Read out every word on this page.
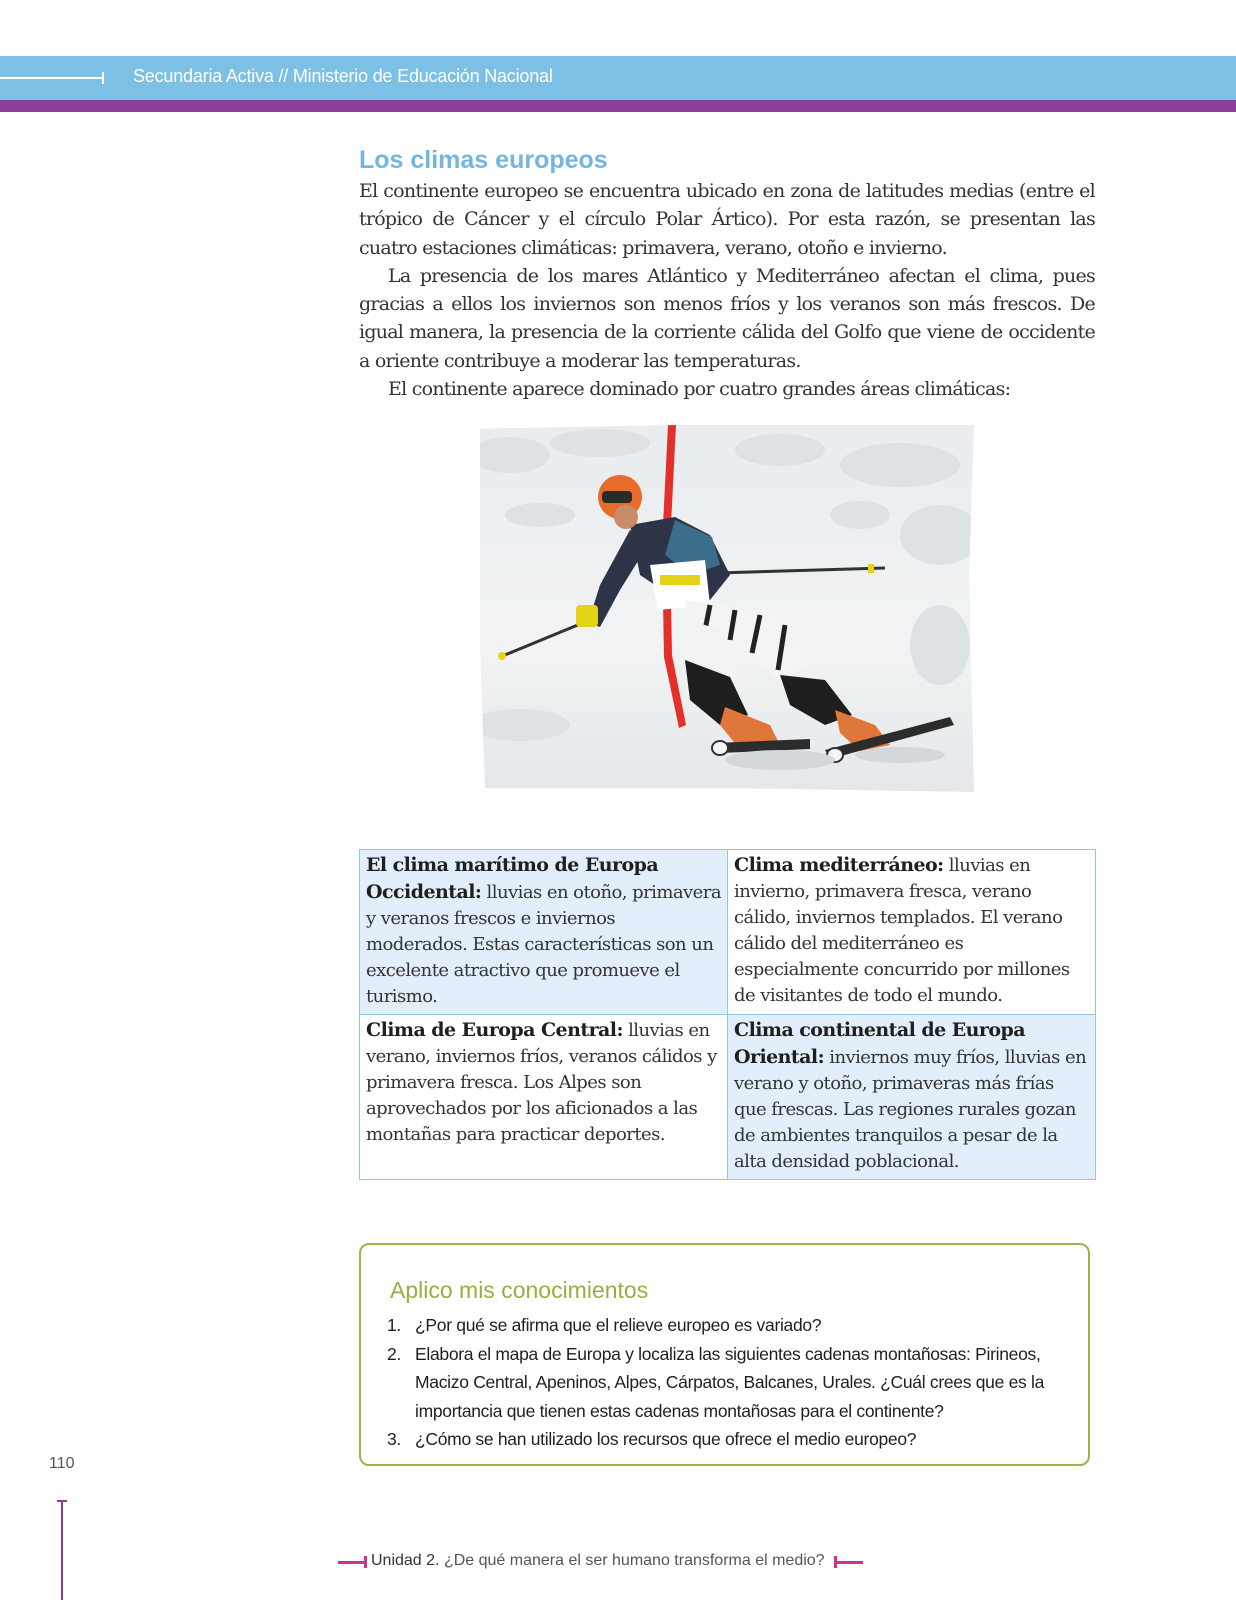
Secundaria Activa // Ministerio de Educación Nacional
Los climas europeos

El continente europeo se encuentra ubicado en zona de latitudes medias (entre el trópico de Cáncer y el círculo Polar Ártico). Por esta razón, se presentan las cuatro estaciones climáticas: primavera, verano, otoño e invierno.

La presencia de los mares Atlántico y Mediterráneo afectan el clima, pues gracias a ellos los inviernos son menos fríos y los veranos son más frescos. De igual manera, la presencia de la corriente cálida del Golfo que viene de occidente a oriente contribuye a moderar las temperaturas.

El continente aparece dominado por cuatro grandes áreas climáticas:

El clima marítimo de Europa Occidental: lluvias en otoño, primavera y veranos frescos e inviernos moderados. Estas características son un excelente atractivo que promueve el turismo.	Clima mediterráneo: lluvias en invierno, primavera fresca, verano cálido, inviernos templados. El verano cálido del mediterráneo es especialmente concurrido por millones de visitantes de todo el mundo.
Clima de Europa Central: lluvias en verano, inviernos fríos, veranos cálidos y primavera fresca. Los Alpes son aprovechados por los aficionados a las montañas para practicar deportes.	Clima continental de Europa Oriental: inviernos muy fríos, lluvias en verano y otoño, primaveras más frías que frescas. Las regiones rurales gozan de ambientes tranquilos a pesar de la alta densidad poblacional.
Aplico mis conocimientos
1. ¿Por qué se afirma que el relieve europeo es variado?
2. Elabora el mapa de Europa y localiza las siguientes cadenas montañosas: Pirineos, Macizo Central, Apeninos, Alpes, Cárpatos, Balcanes, Urales. ¿Cuál crees que es la importancia que tienen estas cadenas montañosas para el continente?
3. ¿Cómo se han utilizado los recursos que ofrece el medio europeo?
110
Unidad 2. ¿De qué manera el ser humano transforma el medio?
